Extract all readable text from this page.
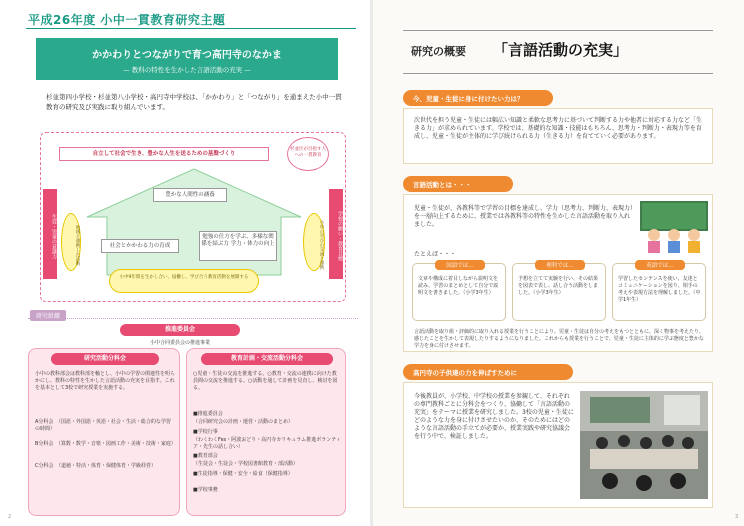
平成26年度 小中一貫教育研究主題
かかわりとつながりで育つ高円寺のなかま
— 教科の特性を生かした言語活動の充実 —
杉並第四小学校・杉並第八小学校・高円寺中学校は、「かかわり」と「つながり」を通まえた小中一貫教育の研究及び実践に取り組んでいます。
自立して社会で生き、豊かな人生を送るための基盤づくり
杉並区が目指す人への一貫教育
生徒・児童の意識力	地域と連携した活動
豊かな人間性の涵養
社会とかかわる力の育成
勉強の仕方を学ぶ、多様な関係を結ぶ力 学力・体力の向上
小中9年間を生かし合い、協働し、学び合う教育活動を展開する
小中の学びの交流と連携	学校の願い・教育目標
研究組織
推進委員会
小中合同委員会の推進事業
研究活動分科会
小中の教科部会は教科部を軸とし、小中の学習の関連性を明らかにし、教科の特性を生かした言語活動の充実を目指す。これを基本として3校で研究授業を実施する。
A分科会　（国語・外国語・英語・社会・生活・総合的な学習の時間）
B分科会　（算数・数学・音楽・図画工作・美術・技術・家庭）
C分科会　（道徳・特活・体育・保健体育・学級経営）
教育計画・交流活動分科会
○児童・生徒の交流を推進する。○教育・交流の連携に向けた教員間の交流を推進する。○活動を通して計画を見直し、検討を図る。
■推進委員会
（合同研究会の計画・運営・活動のまとめ）
■学校行事
（わくわくFes・阿波おどり・高円寺カリキュラム推進ボランティア・先生の話し合い）
■教育部会
（生徒会・生徒会・学校図書館教育・部活動）
■生徒指導・保健・安全・給食（保健指導）
■学校事務
2
研究の概要 「言語活動の充実」
今、児童・生徒に身に付けたい力は？
次世代を担う児童・生徒には幅広い知識と柔軟な思考力に基づいて判断する力や他者に対応する力など「生きる力」が求められています。学校では、基礎的な知識・技能はもちろん、思考力・判断力・表現力等を育成し、児童・生徒が主体的に学び続けられる力（生きる力）を育てていく必要があります。
言語活動とは・・・
児童・生徒が、各教科等で学習の目標を達成し、学力（思考力、判断力、表現力）を一層向上するために、授業では各教科等の特性を生かした言語活動を取り入れました。
たとえば・・・
国語では…
文章や構成に着目しながら説明文を読み、学習のまとめとして自分で説明文を書きました。（小学3年生）
理科では…
予想を立てて実験を行い、その結果を図表で表し、話し合う活動をしました。（小学3年生）
英語では…
学習したセンテンスを使い、友達とコミュニケーションを図り、相手の考えや表現方法を理解しました。（中学1年生）
言語活動を取り組・評価的に取り入れる授業を行うことにより、児童・生徒は自分の考えをもつとともに、深く物事を考えたり、感じたことを生かして表現したりするようになりました。これからも授業を行うことで、児童・生徒に主体的に学ぶ態度と豊かな学力を身に付けさせます。
高円寺の子供達の力を伸ばすために
今後教員が、小学校、中学校の授業を参観して、それぞれの専門教科ごとに分科会をつくり、協働して「言語活動の充実」をテーマに授業を研究しました。3校の児童・生徒にどのような力を身に付けさせたいのか、そのためにはどのような言語活動の手立てが必要か、授業実践や研究協議会を行う中で、検証しました。
3
